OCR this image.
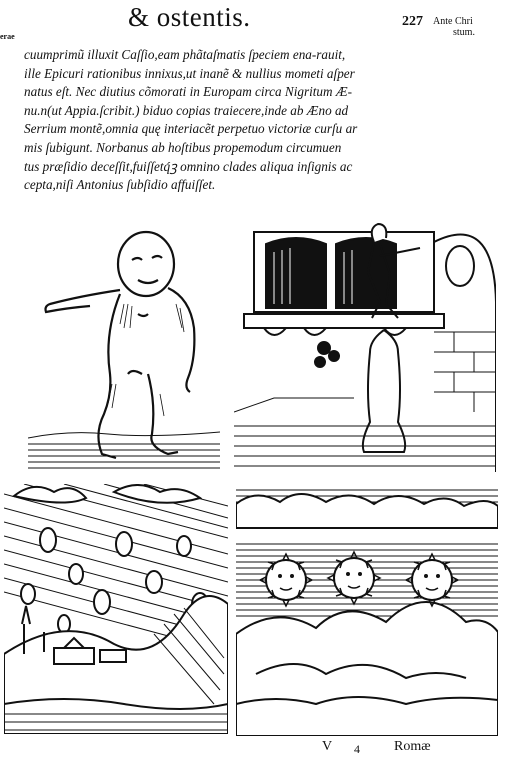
& ostentis.	227 Ante Chri
stum.
erae
cuumprimũ illuxit Caſſio,eam phãtaſmatis ſpeciem ena-rauit,
ille Epicuri rationibus innixus,ut inanẽ & nullius mometi aſper
natus eſt. Nec diutius cõmorati in Europam circa Nigritum Æ-
nu.n(ut Appia.ſcribit.) biduo copias traiecere,inde ab Æno ad
Serrium montẽ,omnia quę interiacẽt perpetuo victoriæ curſu ar
mis ſubigunt. Norbanus ab hoſtibus propemodum circumuen
tus præſidio deceſſit,fuiſſetq́ꝫ omnino clades aliqua inſignis ac
cepta,niſi Antonius ſubſidio affuiſſet.
V 4 Romæ
